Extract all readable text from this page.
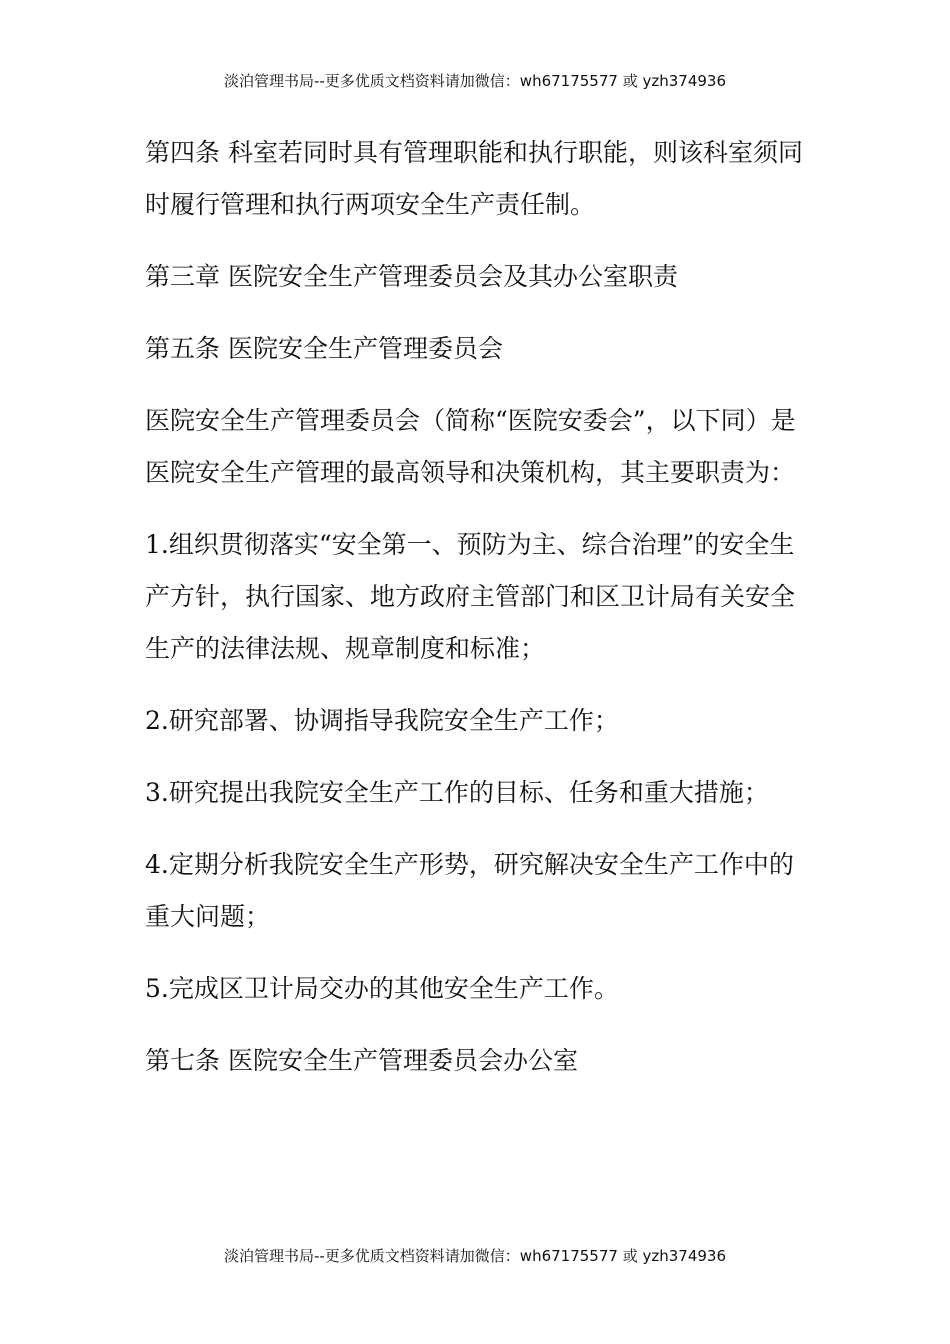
淡泊管理书局--更多优质文档资料请加微信：wh67175577 或 yzh374936

第四条 科室若同时具有管理职能和执行职能，则该科室须同时履行管理和执行两项安全生产责任制。

第三章 医院安全生产管理委员会及其办公室职责

第五条 医院安全生产管理委员会

医院安全生产管理委员会（简称“医院安委会”，以下同）是医院安全生产管理的最高领导和决策机构，其主要职责为：

1.组织贯彻落实“安全第一、预防为主、综合治理”的安全生产方针，执行国家、地方政府主管部门和区卫计局有关安全生产的法律法规、规章制度和标准；

2.研究部署、协调指导我院安全生产工作；

3.研究提出我院安全生产工作的目标、任务和重大措施；

4.定期分析我院安全生产形势，研究解决安全生产工作中的重大问题；

5.完成区卫计局交办的其他安全生产工作。

第七条 医院安全生产管理委员会办公室

淡泊管理书局--更多优质文档资料请加微信：wh67175577 或 yzh374936
